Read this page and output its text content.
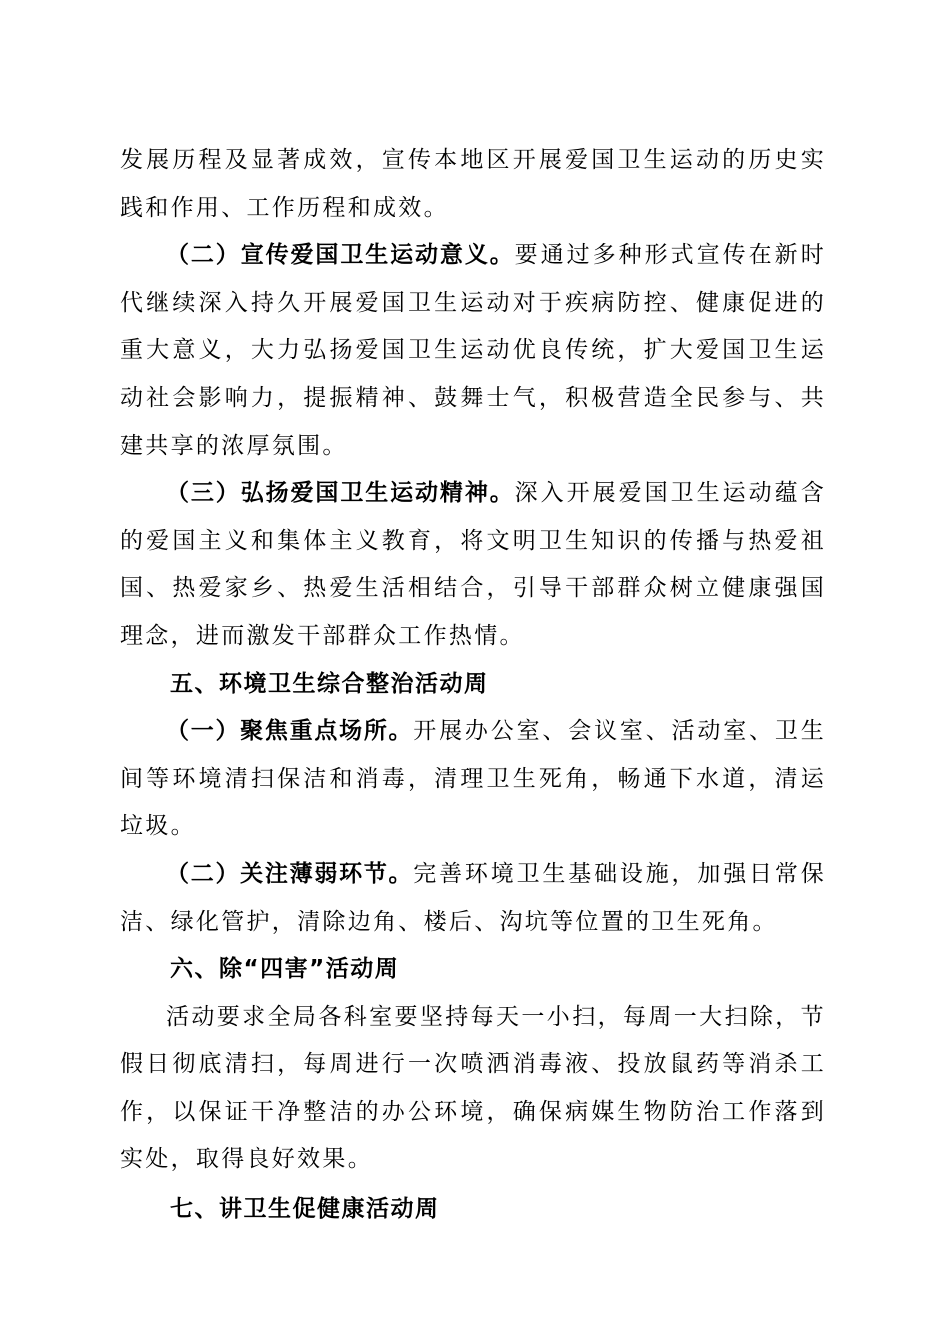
发展历程及显著成效，宣传本地区开展爱国卫生运动的历史实践和作用、工作历程和成效。

（二）宣传爱国卫生运动意义。要通过多种形式宣传在新时代继续深入持久开展爱国卫生运动对于疾病防控、健康促进的重大意义，大力弘扬爱国卫生运动优良传统，扩大爱国卫生运动社会影响力，提振精神、鼓舞士气，积极营造全民参与、共建共享的浓厚氛围。

（三）弘扬爱国卫生运动精神。深入开展爱国卫生运动蕴含的爱国主义和集体主义教育，将文明卫生知识的传播与热爱祖国、热爱家乡、热爱生活相结合，引导干部群众树立健康强国理念，进而激发干部群众工作热情。

五、环境卫生综合整治活动周

（一）聚焦重点场所。开展办公室、会议室、活动室、卫生间等环境清扫保洁和消毒，清理卫生死角，畅通下水道，清运垃圾。

（二）关注薄弱环节。完善环境卫生基础设施，加强日常保洁、绿化管护，清除边角、楼后、沟坑等位置的卫生死角。

六、除“四害”活动周

活动要求全局各科室要坚持每天一小扫，每周一大扫除，节假日彻底清扫，每周进行一次喷洒消毒液、投放鼠药等消杀工作，以保证干净整洁的办公环境，确保病媒生物防治工作落到实处，取得良好效果。

七、讲卫生促健康活动周
